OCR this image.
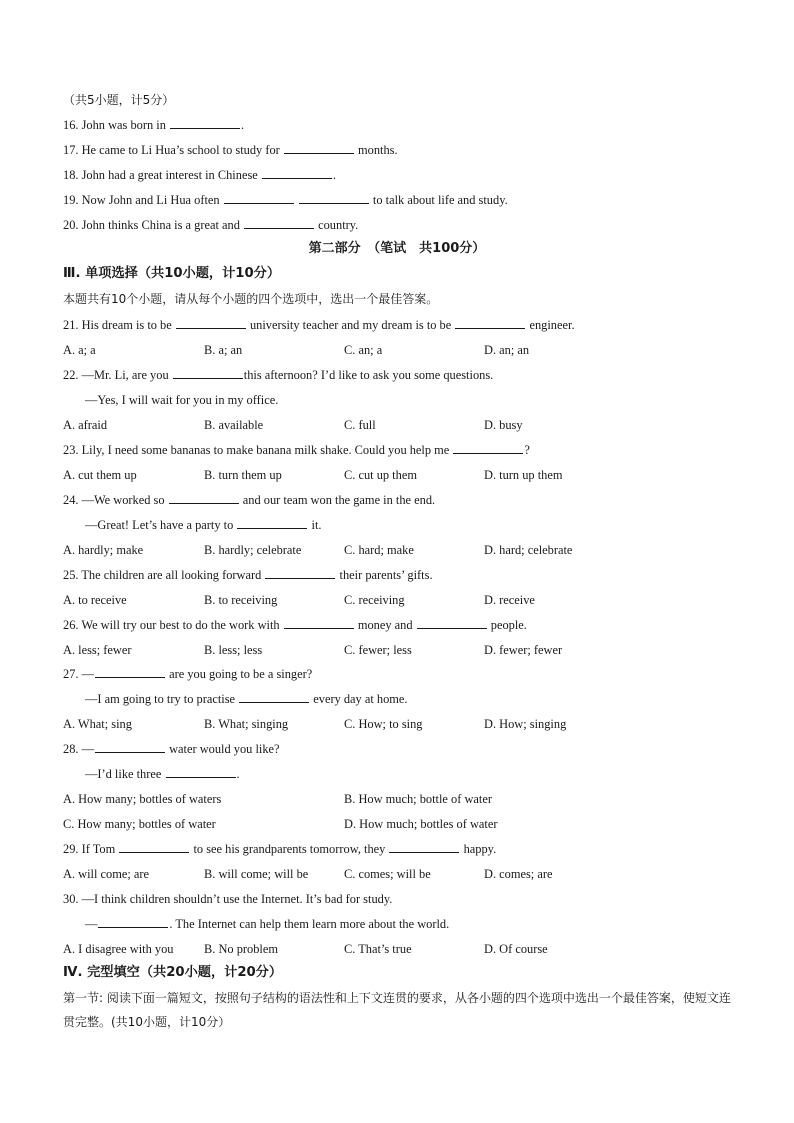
（共5小题，计5分）
16. John was born in	.
17. He came to Li Hua’s school to study for	months.
18. John had a great interest in Chinese	.
19. Now John and Li Hua often	to talk about life and study.
20. John thinks China is a great and	country.
第二部分　（笔试　共100分）
Ⅲ. 单项选择（共10小题，计10分）
本题共有10个小题，请从每个小题的四个选项中，选出一个最佳答案。
21. His dream is to be	university teacher and my dream is to be	engineer.
A. a; a	B. a; an	C. an; a	D. an; an
22. —Mr. Li, are you	this afternoon? I’d like to ask you some questions.
—Yes, I will wait for you in my office.
A. afraid	B. available	C. full	D. busy
23. Lily, I need some bananas to make banana milk shake. Could you help me	?
A. cut them up	B. turn them up	C. cut up them	D. turn up them
24. —We worked so	and our team won the game in the end.
—Great! Let’s have a party to	it.
A. hardly; make	B. hardly; celebrate	C. hard; make	D. hard; celebrate
25. The children are all looking forward	their parents’ gifts.
A. to receive	B. to receiving	C. receiving	D. receive
26. We will try our best to do the work with	money and	people.
A. less; fewer	B. less; less	C. fewer; less	D. fewer; fewer
27. —	are you going to be a singer?
—I am going to try to practise	every day at home.
A. What; sing	B. What; singing	C. How; to sing	D. How; singing
28. —	water would you like?
—I’d like three	.
A. How many; bottles of waters	B. How much; bottle of water
C. How many; bottles of water	D. How much; bottles of water
29. If Tom	to see his grandparents tomorrow, they	happy.
A. will come; are	B. will come; will be	C. comes; will be	D. comes; are
30. —I think children shouldn’t use the Internet. It’s bad for study.
—	. The Internet can help them learn more about the world.
A. I disagree with you B. No problem	C. That’s true	D. Of course
Ⅳ. 完型填空（共20小题，计20分）
第一节: 阅读下面一篇短文，按照句子结构的语法性和上下文连贯的要求，从各小题的四个选项中选出一个最佳答案，使短文连贯完整。(共10小题，计10分）
